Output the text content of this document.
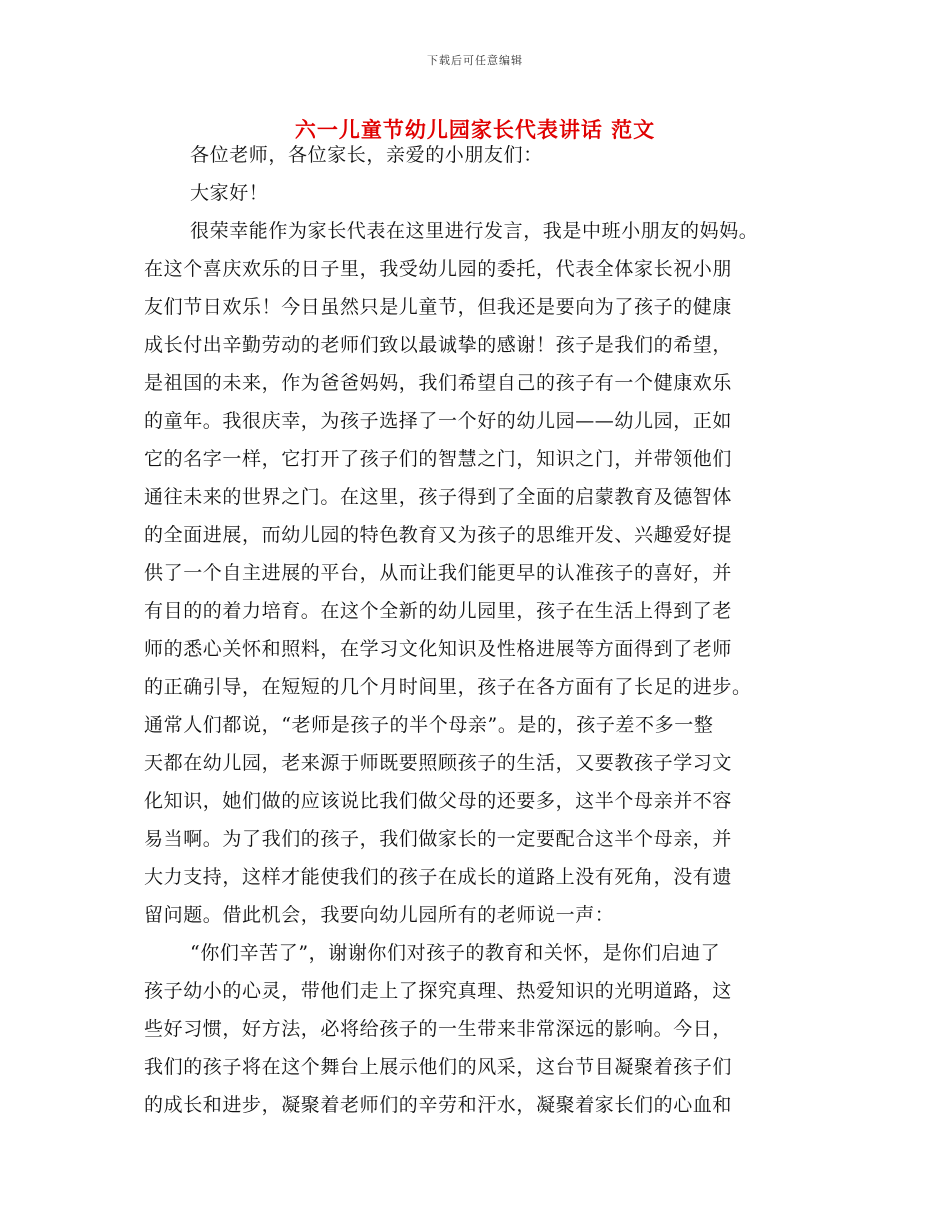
下载后可任意编辑
六一儿童节幼儿园家长代表讲话 范文
各位老师，各位家长，亲爱的小朋友们：
大家好！
很荣幸能作为家长代表在这里进行发言，我是中班小朋友的妈妈。
在这个喜庆欢乐的日子里，我受幼儿园的委托，代表全体家长祝小朋
友们节日欢乐！今日虽然只是儿童节，但我还是要向为了孩子的健康
成长付出辛勤劳动的老师们致以最诚挚的感谢！孩子是我们的希望，
是祖国的未来，作为爸爸妈妈，我们希望自己的孩子有一个健康欢乐
的童年。我很庆幸，为孩子选择了一个好的幼儿园——幼儿园，正如
它的名字一样，它打开了孩子们的智慧之门，知识之门，并带领他们
通往未来的世界之门。在这里，孩子得到了全面的启蒙教育及德智体
的全面进展，而幼儿园的特色教育又为孩子的思维开发、兴趣爱好提
供了一个自主进展的平台，从而让我们能更早的认准孩子的喜好，并
有目的的着力培育。在这个全新的幼儿园里，孩子在生活上得到了老
师的悉心关怀和照料，在学习文化知识及性格进展等方面得到了老师
的正确引导，在短短的几个月时间里，孩子在各方面有了长足的进步。
通常人们都说，“老师是孩子的半个母亲”。是的，孩子差不多一整
天都在幼儿园，老来源于师既要照顾孩子的生活，又要教孩子学习文
化知识，她们做的应该说比我们做父母的还要多，这半个母亲并不容
易当啊。为了我们的孩子，我们做家长的一定要配合这半个母亲，并
大力支持，这样才能使我们的孩子在成长的道路上没有死角，没有遗
留问题。借此机会，我要向幼儿园所有的老师说一声：
“你们辛苦了”，谢谢你们对孩子的教育和关怀，是你们启迪了
孩子幼小的心灵，带他们走上了探究真理、热爱知识的光明道路，这
些好习惯，好方法，必将给孩子的一生带来非常深远的影响。今日，
我们的孩子将在这个舞台上展示他们的风采，这台节目凝聚着孩子们
的成长和进步，凝聚着老师们的辛劳和汗水，凝聚着家长们的心血和
